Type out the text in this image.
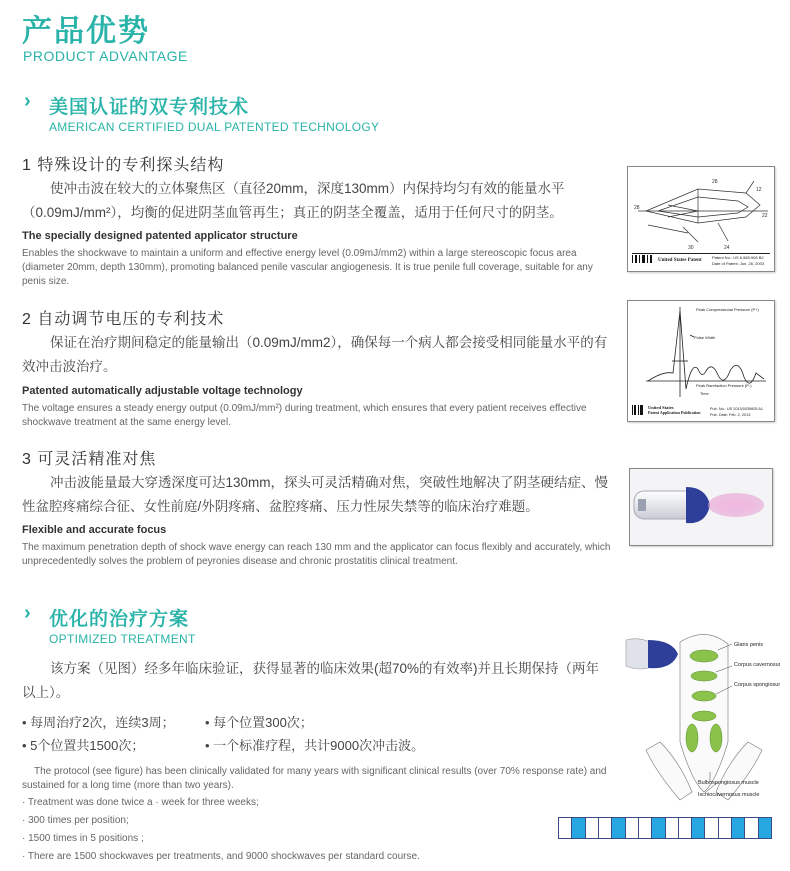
产品优势
PRODUCT ADVANTAGE
› 美国认证的双专利技术
AMERICAN CERTIFIED DUAL PATENTED TECHNOLOGY
1 特殊设计的专利探头结构
使冲击波在较大的立体聚焦区（直径20mm，深度130mm）内保持均匀有效的能量水平（0.09mJ/mm²），均衡的促进阴茎血管再生；真正的阴茎全覆盖，适用于任何尺寸的阴茎。
The specially designed patented applicator structure
Enables the shockwave to maintain a uniform and effective energy level (0.09mJ/mm2) within a large stereoscopic focus area (diameter 20mm, depth 130mm), promoting balanced penile vascular angiogenesis. It is true penile full coverage, suitable for any penis size.
28
28
12
30	24
22
United States Patent
Patent No.: US 6,589,906 B2
Date of Patent: Jun. 26, 2003
2 自动调节电压的专利技术
保证在治疗期间稳定的能量输出（0.09mJ/mm2），确保每一个病人都会接受相同能量水平的有效冲击波治疗。
Patented automatically adjustable voltage technology
The voltage ensures a steady energy output (0.09mJ/mm²) during treatment, which ensures that every patient receives effective shockwave treatment at the same energy level.
Peak Compressional Pressure (P+)
Pulse Width
Peak Rarefaction Pressure (P-)
Time
United States
Patent Application Publication
Pub. No.: US 2013/0035605 A1
Pub. Date: Feb. 2, 2013
3 可灵活精准对焦
冲击波能量最大穿透深度可达130mm，探头可灵活精确对焦，突破性地解决了阴茎硬结症、慢性盆腔疼痛综合征、女性前庭/外阴疼痛、盆腔疼痛、压力性尿失禁等的临床治疗难题。
Flexible and accurate focus
The maximum penetration depth of shock wave energy can reach 130 mm and the applicator can focus flexibly and accurately, which unprecedentedly solves the problem of peyronies disease and chronic prostatitis clinical treatment.
› 优化的治疗方案
OPTIMIZED TREATMENT
该方案（见图）经多年临床验证，获得显著的临床效果(超70%的有效率)并且长期保持（两年以上）。
• 每周治疗2次，连续3周； • 每个位置300次；
• 5个位置共1500次；	• 一个标准疗程，共计9000次冲击波。
The protocol (see figure) has been clinically validated for many years with significant clinical results (over 70% response rate) and sustained for a long time (more than two years).
· Treatment was done twice a · week for three weeks;
· 300 times per position;
· 1500 times in 5 positions ;
· There are 1500 shockwaves per treatments, and 9000 shockwaves per standard course.
Glans penis
Corpus cavernosum
Corpus spongiosum
Bulbospongiosus muscle
Ischiocavernosus muscle
